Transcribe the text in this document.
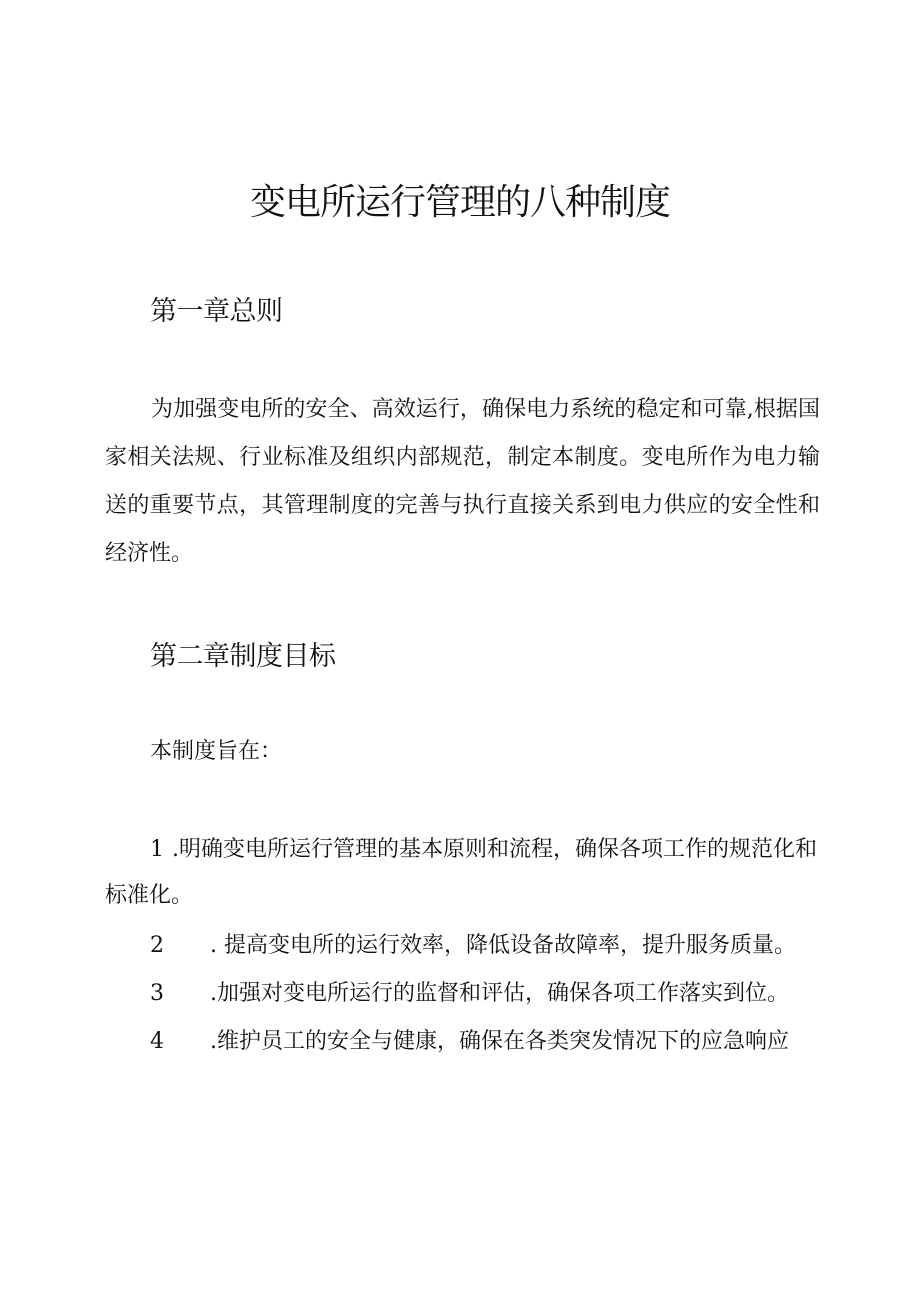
变电所运行管理的八种制度
第一章总则

为加强变电所的安全、高效运行，确保电力系统的稳定和可靠,根据国家相关法规、行业标准及组织内部规范，制定本制度。变电所作为电力输送的重要节点，其管理制度的完善与执行直接关系到电力供应的安全性和经济性。

第二章制度目标
本制度旨在：
1 .明确变电所运行管理的基本原则和流程，确保各项工作的规范化和
标准化。
2 . 提高变电所的运行效率，降低设备故障率，提升服务质量。
3 .加强对变电所运行的监督和评估，确保各项工作落实到位。
4 .维护员工的安全与健康，确保在各类突发情况下的应急响应
